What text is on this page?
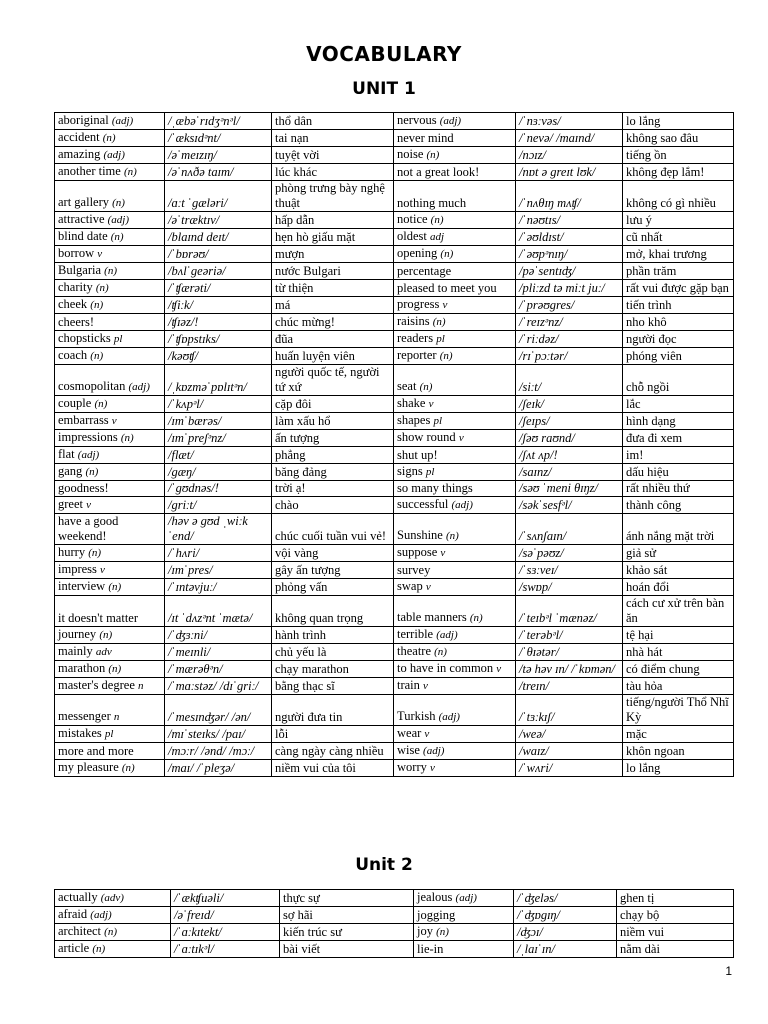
VOCABULARY
UNIT 1
aboriginal (adj)	/ˌæbəˈrɪdʒᵊnᵊl/	thổ dân	nervous (adj)	/ˈnɜːvəs/	lo lắng
accident (n)	/ˈæksɪdᵊnt/	tai nạn	never mind	/ˈnevə/ /maɪnd/	không sao đâu
amazing (adj)	/əˈmeɪzɪŋ/	tuyệt vời	noise (n)	/nɔɪz/	tiếng ồn
another time (n)	/əˈnʌðə taɪm/	lúc khác	not a great look!	/nɒt ə greɪt lʊk/	không đẹp lắm!
art gallery (n)	/ɑːt ˈgæləri/	phòng trưng bày nghệ thuật	nothing much	/ˈnʌθɪŋ mʌʧ/	không có gì nhiều
attractive (adj)	/əˈtræktɪv/	hấp dẫn	notice (n)	/ˈnəʊtɪs/	lưu ý
blind date (n)	/blaɪnd deɪt/	hẹn hò giấu mặt	oldest adj	/ˈəʊldɪst/	cũ nhất
borrow v	/ˈbɒrəʊ/	mượn	opening (n)	/ˈəʊpᵊnɪŋ/	mở, khai trương
Bulgaria (n)	/bʌlˈgeəriə/	nước Bulgari	percentage	/pəˈsentɪʤ/	phần trăm
charity (n)	/ˈʧærəti/	từ thiện	pleased to meet you	/pliːzd tə miːt juː/	rất vui được gặp bạn
cheek (n)	/ʧiːk/	má	progress v	/ˈprəʊgres/	tiến trình
cheers!	/ʧɪəz/!	chúc mừng!	raisins (n)	/ˈreɪzᵊnz/	nho khô
chopsticks pl	/ˈʧɒpstɪks/	đũa	readers pl	/ˈriːdəz/	người đọc
coach (n)	/kəʊʧ/	huấn luyện viên	reporter (n)	/rɪˈpɔːtər/	phóng viên
cosmopolitan (adj)	/ˌkɒzməˈpɒlɪtᵊn/	người quốc tế, người tứ xứ	seat (n)	/siːt/	chỗ ngồi
couple (n)	/ˈkʌpᵊl/	cặp đôi	shake v	/ʃeɪk/	lắc
embarrass v	/ɪmˈbærəs/	làm xấu hổ	shapes pl	/ʃeɪps/	hình dạng
impressions (n)	/ɪmˈpreʃᵊnz/	ấn tượng	show round v	/ʃəʊ raʊnd/	đưa đi xem
flat (adj)	/flæt/	phẳng	shut up!	/ʃʌt ʌp/!	im!
gang (n)	/gæŋ/	băng đảng	signs pl	/saɪnz/	dấu hiệu
goodness!	/ˈgʊdnəs/!	trời ạ!	so many things	/səʊ ˈmeni θɪŋz/	rất nhiều thứ
greet v	/griːt/	chào	successful (adj)	/səkˈsesfᵊl/	thành công
have a good weekend!	/həv ə gʊd ˌwiːkˈend/	chúc cuối tuần vui vẻ!	Sunshine (n)	/ˈsʌnʃaɪn/	ánh nắng mặt trời
hurry (n)	/ˈhʌri/	vội vàng	suppose v	/səˈpəʊz/	giả sử
impress v	/ɪmˈpres/	gây ấn tượng	survey	/ˈsɜːveɪ/	khảo sát
interview (n)	/ˈɪntəvjuː/	phỏng vấn	swap v	/swɒp/	hoán đổi
it doesn't matter	/ɪt ˈdʌzᵊnt ˈmætə/	không quan trọng	table manners (n)	/ˈteɪbᵊl ˈmænəz/	cách cư xử trên bàn ăn
journey (n)	/ˈʤɜːni/	hành trình	terrible (adj)	/ˈterəbᵊl/	tệ hại
mainly adv	/ˈmeɪnli/	chủ yếu là	theatre (n)	/ˈθɪətər/	nhà hát
marathon (n)	/ˈmærəθᵊn/	chạy marathon	to have in common v	/tə həv ɪn/ /ˈkɒmən/	có điểm chung
master's degree n	/ˈmɑːstəz/ /dɪˈgriː/	bằng thạc sĩ	train v	/treɪn/	tàu hỏa
messenger n	/ˈmesɪnʤər/ /ən/	người đưa tin	Turkish (adj)	/ˈtɜːkɪʃ/	tiếng/người Thổ Nhĩ Kỳ
mistakes pl	/mɪˈsteɪks/ /paɪ/	lỗi	wear v	/weə/	mặc
more and more	/mɔːr/ /ənd/ /mɔː/	càng ngày càng nhiều	wise (adj)	/waɪz/	khôn ngoan
my pleasure (n)	/maɪ/ /ˈpleʒə/	niềm vui của tôi	worry v	/ˈwʌri/	lo lắng
Unit 2
actually (adv)	/ˈækʧuəli/	thực sự	jealous (adj)	/ˈʤeləs/	ghen tị
afraid (adj)	/əˈfreɪd/	sợ hãi	jogging	/ˈʤɒgɪŋ/	chạy bộ
architect (n)	/ˈɑːkɪtekt/	kiến trúc sư	joy (n)	/ʤɔɪ/	niềm vui
article (n)	/ˈɑːtɪkᵊl/	bài viết	lie-in	/ˌlaɪˈɪn/	nằm dài
1
